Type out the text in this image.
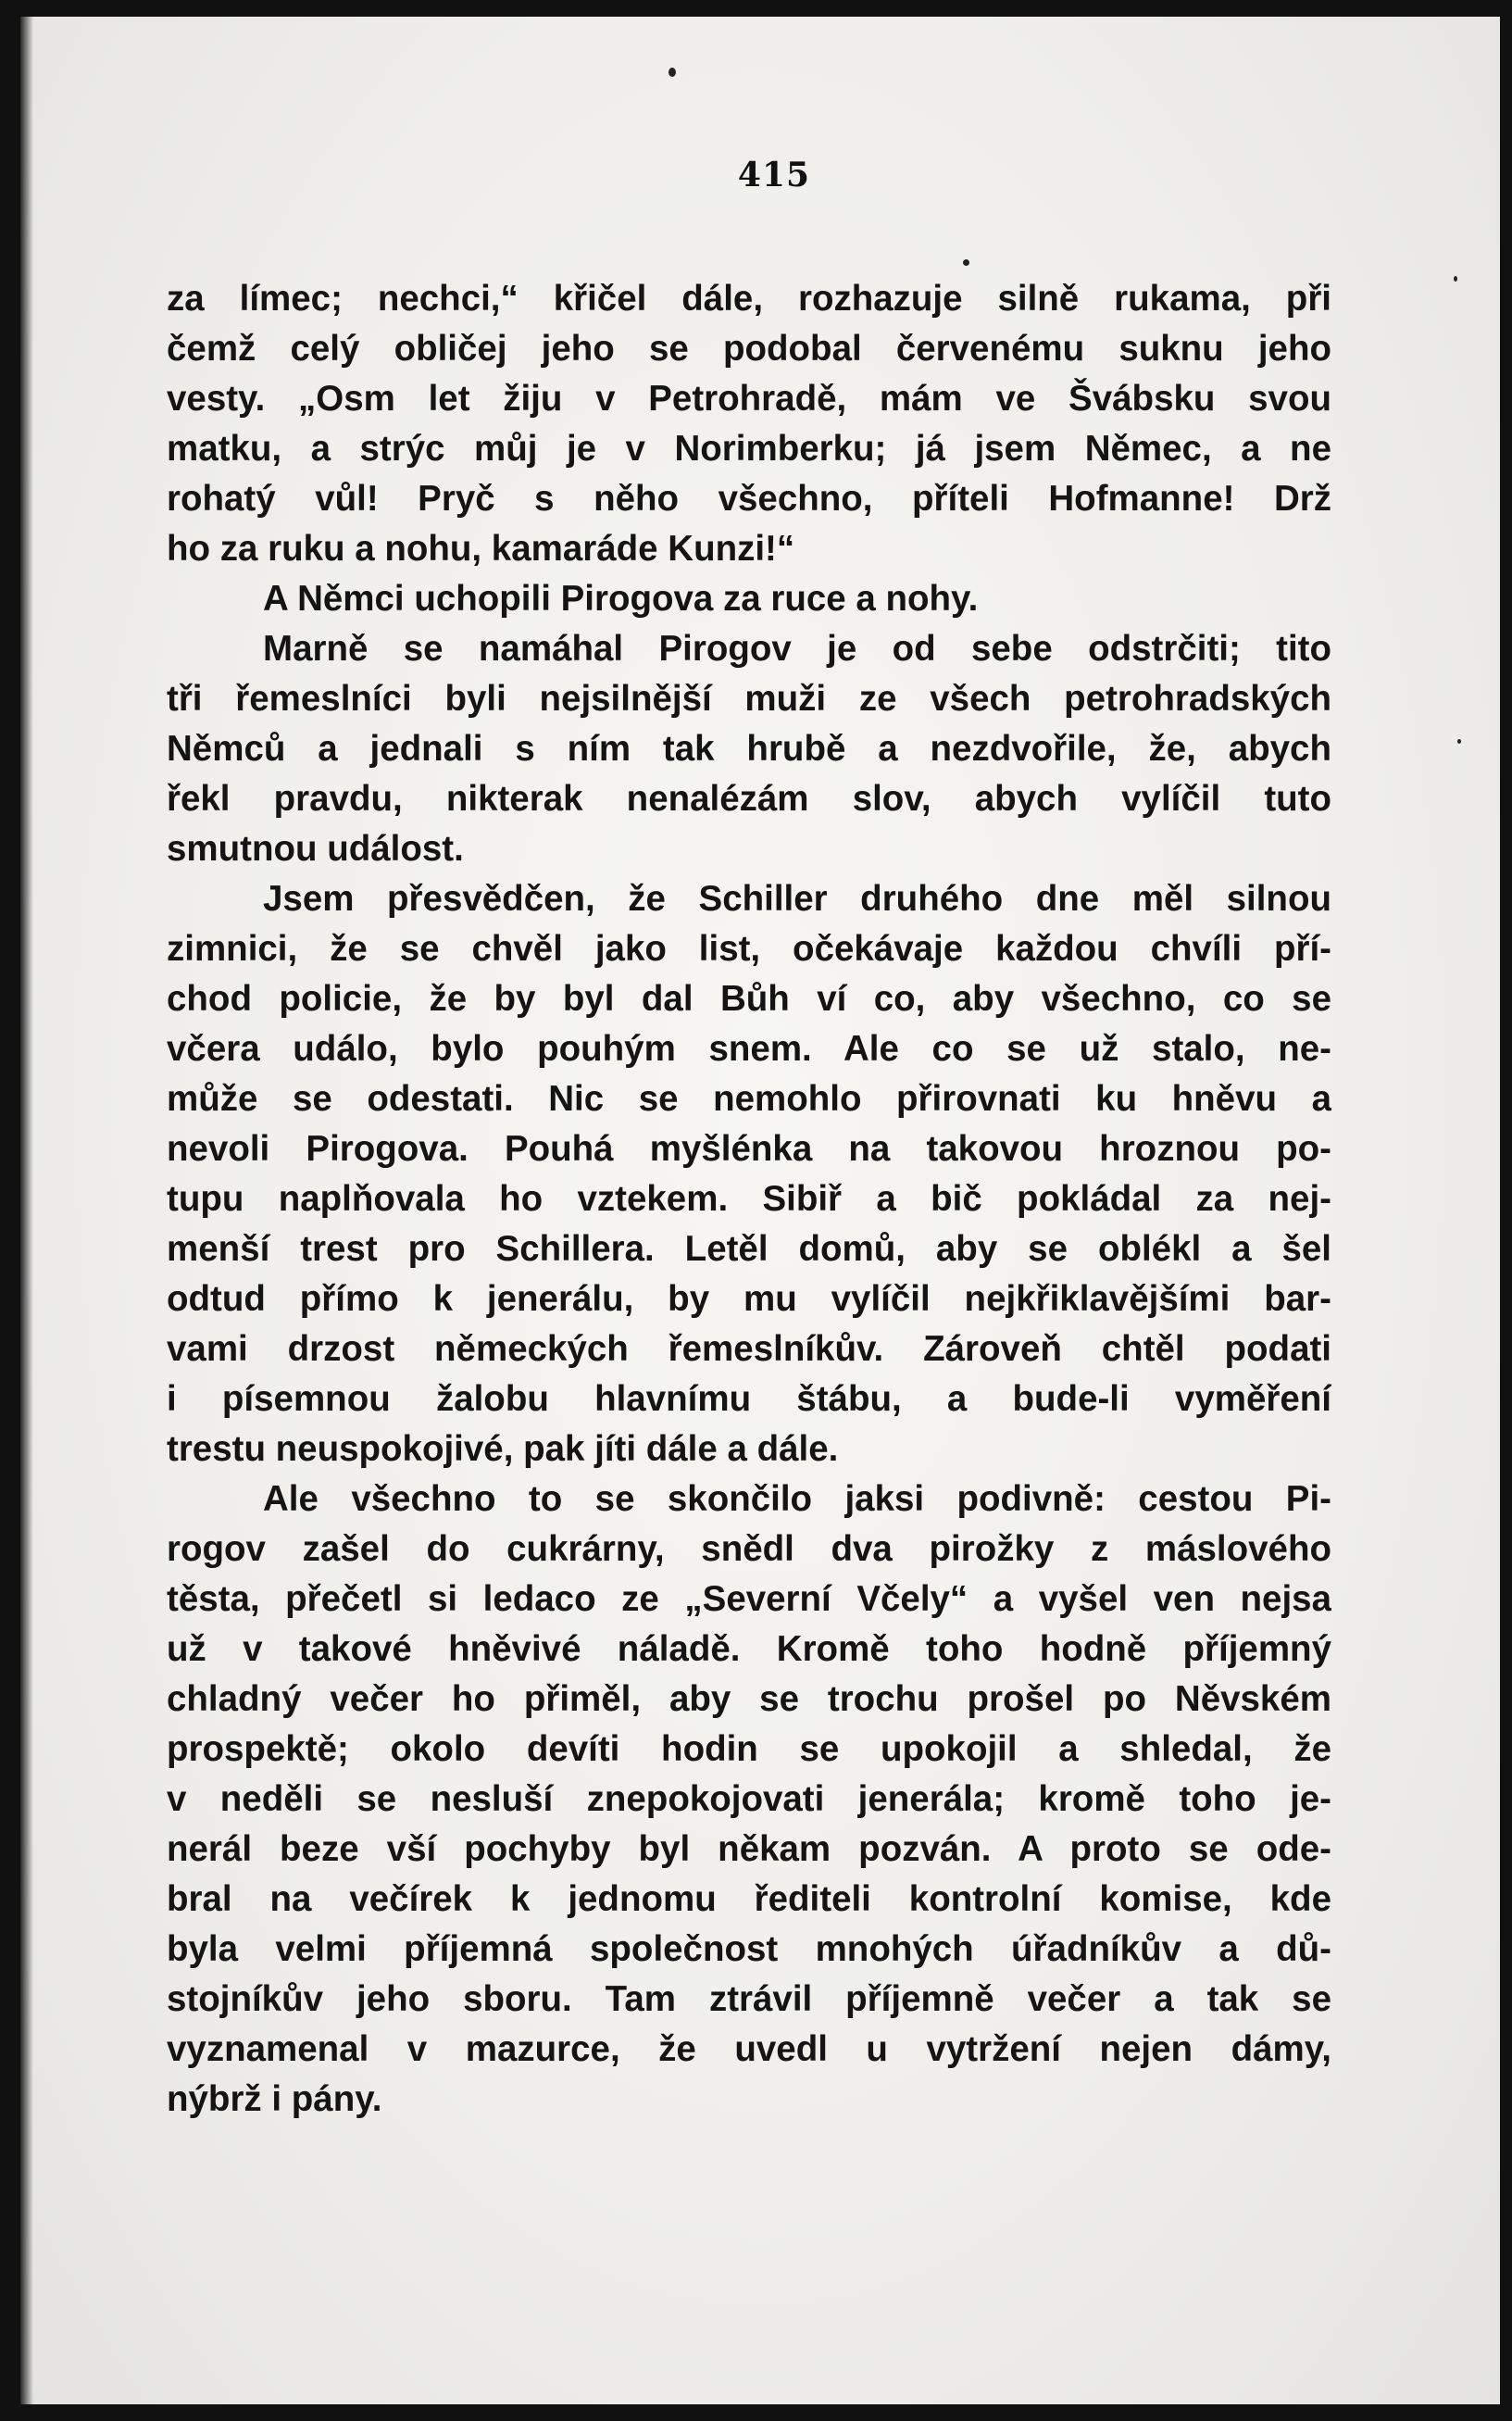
415
za límec; nechci,“ křičel dále, rozhazuje silně rukama, při
čemž celý obličej jeho se podobal červenému suknu jeho
vesty. „Osm let žiju v Petrohradě, mám ve Švábsku svou
matku, a strýc můj je v Norimberku; já jsem Němec, a ne
rohatý vůl! Pryč s něho všechno, příteli Hofmanne! Drž
ho za ruku a nohu, kamaráde Kunzi!“
A Němci uchopili Pirogova za ruce a nohy.
Marně se namáhal Pirogov je od sebe odstrčiti; tito
tři řemeslníci byli nejsilnější muži ze všech petrohradských
Němců a jednali s ním tak hrubě a nezdvořile, že, abych
řekl pravdu, nikterak nenalézám slov, abych vylíčil tuto
smutnou událost.
Jsem přesvědčen, že Schiller druhého dne měl silnou
zimnici, že se chvěl jako list, očekávaje každou chvíli pří-
chod policie, že by byl dal Bůh ví co, aby všechno, co se
včera událo, bylo pouhým snem. Ale co se už stalo, ne-
může se odestati. Nic se nemohlo přirovnati ku hněvu a
nevoli Pirogova. Pouhá myšlénka na takovou hroznou po-
tupu naplňovala ho vztekem. Sibiř a bič pokládal za nej-
menší trest pro Schillera. Letěl domů, aby se oblékl a šel
odtud přímo k jenerálu, by mu vylíčil nejkřiklavějšími bar-
vami drzost německých řemeslníkův. Zároveň chtěl podati
i písemnou žalobu hlavnímu štábu, a bude-li vyměření
trestu neuspokojivé, pak jíti dále a dále.
Ale všechno to se skončilo jaksi podivně: cestou Pi-
rogov zašel do cukrárny, snědl dva pirožky z máslového
těsta, přečetl si ledaco ze „Severní Včely“ a vyšel ven nejsa
už v takové hněvivé náladě. Kromě toho hodně příjemný
chladný večer ho přiměl, aby se trochu prošel po Něvském
prospektě; okolo devíti hodin se upokojil a shledal, že
v neděli se nesluší znepokojovati jenerála; kromě toho je-
nerál beze vší pochyby byl někam pozván. A proto se ode-
bral na večírek k jednomu řediteli kontrolní komise, kde
byla velmi příjemná společnost mnohých úřadníkův a dů-
stojníkův jeho sboru. Tam ztrávil příjemně večer a tak se
vyznamenal v mazurce, že uvedl u vytržení nejen dámy,
nýbrž i pány.
